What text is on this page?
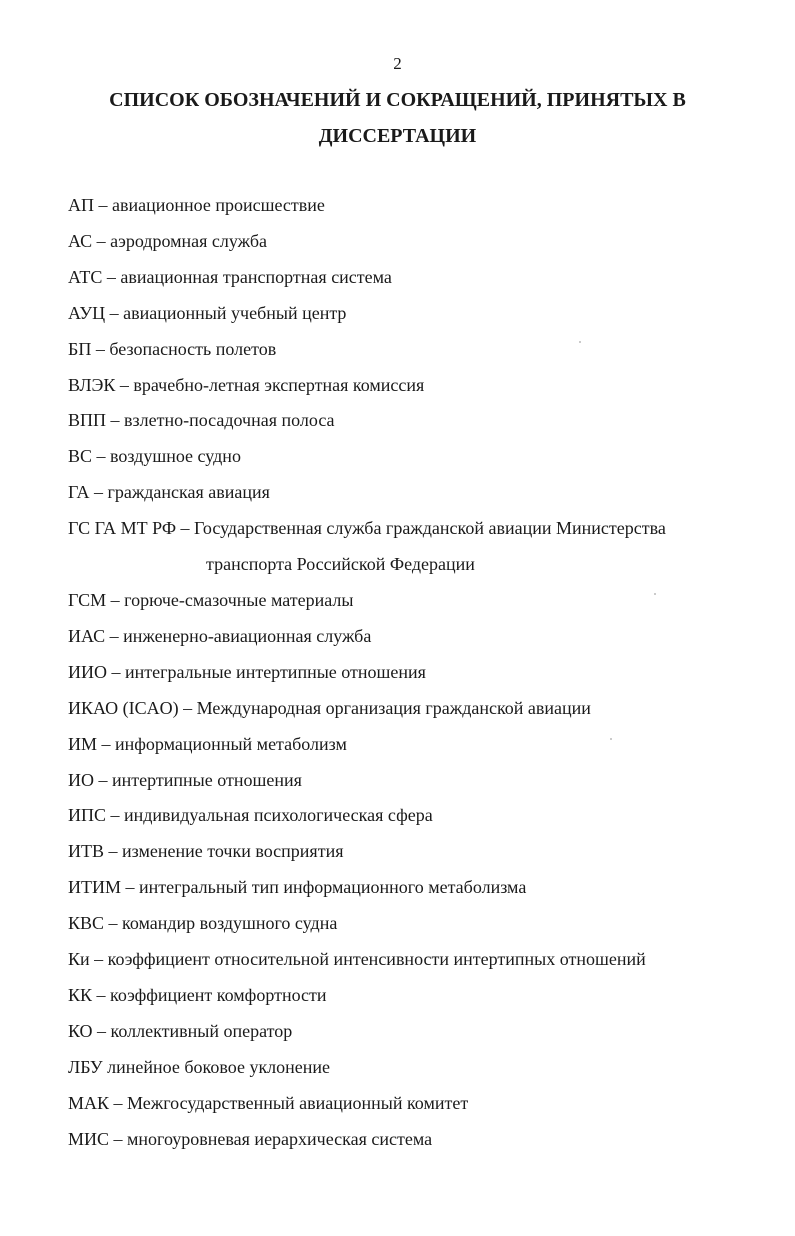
2
СПИСОК ОБОЗНАЧЕНИЙ И СОКРАЩЕНИЙ, ПРИНЯТЫХ В
ДИССЕРТАЦИИ
АП – авиационное происшествие
АС – аэродромная служба
АТС – авиационная транспортная система
АУЦ – авиационный учебный центр
БП – безопасность полетов
ВЛЭК – врачебно-летная экспертная комиссия
ВПП – взлетно-посадочная полоса
ВС – воздушное судно
ГА – гражданская авиация
ГС ГА МТ РФ – Государственная служба гражданской авиации Министерства
транспорта Российской Федерации
ГСМ – горюче-смазочные материалы
ИАС – инженерно-авиационная служба
ИИО – интегральные интертипные отношения
ИКАО (ICAO) – Международная организация гражданской авиации
ИМ – информационный метаболизм
ИО – интертипные отношения
ИПС – индивидуальная психологическая сфера
ИТВ – изменение точки восприятия
ИТИМ – интегральный тип информационного метаболизма
КВС – командир воздушного судна
Ки – коэффициент относительной интенсивности интертипных отношений
КК – коэффициент комфортности
КО – коллективный оператор
ЛБУ линейное боковое уклонение
МАК – Межгосударственный авиационный комитет
МИС – многоуровневая иерархическая система
